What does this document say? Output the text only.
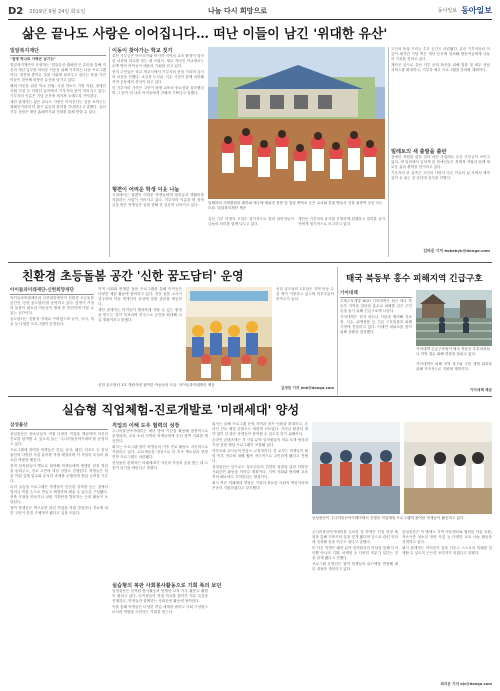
D2 2019년 9월 24일 화요일	나눔 다시 희망으로	동아일보 동아일보
삶은 끝나도 사랑은 이어집니다… 떠난 이들이 남긴 '위대한 유산'
밀알복지재단

"설명 하나로 사랑은 남기는"

밀알복지재단이 운영하는 '밀알유산 캠페인'은 유언을 통해 자신의 재산 일부를 어려운 이웃을 위해 기부하는 나눔 프로그램이다. 생전에 쌓아온 것을 사회에 돌려주고 싶다는 뜻을 가진 이들이 참여해 따뜻한 유산을 남기고 있다.

해외 아동을 위한 학교 건립, 국내 저소득 가정 지원, 장애인 자립 사업 등 다양한 분야에서 기부자의 뜻이 이어지고 있다. 기부자의 이름은 기념 공간에 새겨져 오래도록 기억된다.

재단 관계자는 삶은 끝나도 사랑은 이어진다는 것을 보여주는 캠페인이라며 더 많은 분들의 참여를 기대한다고 말했다. 유산 기부 상담은 재단 홈페이지와 전화를 통해 받을 수 있다.

이동이 찾아가는 학교 짓기

유산 기부금은 아프리카와 아시아 지역의 교육 환경이 열악한 마을에 학교를 짓는 데 쓰였다. 새로 지어진 학교에서는 수백 명의 아이들이 배움의 기회를 얻고 있다.

현지 주민들은 학교 개교식에서 기부자의 뜻을 기리며 감사의 마음을 전했다. 교실과 도서관, 식수 시설이 함께 마련돼 지역 공동체의 중심이 되고 있다.

한 기부자의 가족은 고인이 평생 교육의 중요성을 강조했다며 그 뜻이 먼 나라 아이들에게 전해져 기쁘다고 말했다.

형편이 어려운 학생 이웃 나눔

국내에서는 형편이 어려운 학생들에게 장학금과 생활비를 지원하는 사업이 이어지고 있다. 기부자의 이름을 딴 장학금을 받은 학생들은 꿈을 향해 한 걸음씩 나아가고 있다.	밀레하의 사세환원을 헤하와 매주에 세워진 몸봉 및 밀알 축탁코 등은 교서와 본을 받들사 건을 위하여 곳곳 크는 모습. 밀알복지재단 제공

유산 기부 약정자 모임도 정기적으로 열려 참여자들이 나눔의 의미를 함께 나누고 있다.

재단은 기부자의 유지를 투명하게 집행하고 결과를 유가족에게 정기적으로 보고하고 있다.

고인의 뜻을 기리는 추모 공간도 마련됐다. 유산 기부자들의 이름이 새겨진 기념 벽은 재단 본부에 설치돼 방문객들에게 나눔의 가치를 전하고 있다.

재단은 앞으로 유산 기부 문화 확산을 위해 법률 및 세무 상담 서비스를 확대하고, 기부자 예우 프로그램을 강화할 계획이다.

밀레토의 새 출발을 출판

장애인 자립을 위한 일터 마련 사업에도 유산 기부금이 쓰이고 있다. 새 일터에서 일하게 된 장애인들은 경제적 자립과 함께 새로운 삶의 출발을 맞이하고 있다.

기부자의 한 유족은 고인의 사랑이 다른 이들의 삶 속에서 계속 살아 숨 쉬는 것 같다며 감사를 전했다.

김바윤 기자 bokebyh@donga.com
친환경 초등돌봄 공간 '신한 꿈도담터' 운영
아이들과미래재단-신한희망재단

아이들과미래재단과 신한희망재단이 친환경 초등돌봄 공간인 '신한 꿈도담터'를 운영하고 있다. 맞벌이 가정과 돌봄이 필요한 아동들이 방과 후 안전하게 머물 수 있는 공간이다.

꿈도담터는 친환경 자재로 꾸며졌으며 놀이, 독서, 학습 등 다양한 프로그램이 운영된다.

지역 사회와 연계한 돌봄 프로그램을 통해 아이들은 다양한 체험 활동에 참여하고 있다. 전문 돌봄 교사가 상주하며 아동 개개인의 특성에 맞춘 관리를 제공한다.

재단 관계자는 아이들이 행복하게 자랄 수 있는 환경을 만드는 것이 목표라며 전국으로 공간을 확대해 나갈 계획이라고 밝혔다.

신한 꿈도담터 1호 개원식에 참여한 아동들의 모습. 아이들과미래재단 제공

신한 꿈도담터 1호점은 지역 아동 수십 명이 이용하고 있으며 학부모들의 만족도가 높다.

김정민 기자 jmk@donga.com
태국 북동부 홍수 피해지역 긴급구호
기아대책

국제구호개발 NGO 기아대책은 최근 태국 북동부 지역을 강타한 홍수로 피해를 입은 주민들을 돕기 위해 긴급구호에 나섰다.

기아대책은 현지 파트너 기관과 협력해 식료품, 식수, 위생용품 등 긴급 구호물품을 피해 가정에 전달하고 있다. 이재민 대피소를 찾아 피해 상황을 점검했다.

기아대책 긴급구호팀이 태국 북동부 우본라차타니 지역 침수 피해 현장을 살피고 있다.

기아대책은 피해 지역 복구와 주민 생계 회복을 위해 지속적으로 지원할 계획이다.

기아대책 제공
실습형 직업체험-진로개발로 '미래세대' 양성
삼성불산

삼성물산은 청소년들이 직접 다양한 직업을 체험하며 자신의 진로를 탐색할 수 있도록 돕는 '주니어물산아카데미'를 운영하고 있다.

프로그램에 참여한 학생들은 건설, 상사, 패션, 리조트 등 삼성물산의 다양한 사업 분야를 직접 체험하며 각 직업의 특성과 필요한 역량을 배운다.

현직 임직원들이 멘토로 참여해 학생들에게 생생한 현장 경험을 들려주고, 진로 고민에 대한 상담도 진행한다. 학생들은 팀을 이뤄 실제 업무와 유사한 과제를 수행하며 협업 능력을 기른다.

특히 실습형 프로그램은 학생들이 단순한 강의를 듣는 것에서 벗어나 직접 손으로 만들고 체험하며 배울 수 있도록 구성됐다. 건축 모형을 만들거나 상품 기획안을 발표하는 등의 활동이 포함된다.

참여 학생들은 책으로만 알던 직업을 직접 경험하니 진로에 대한 고민이 한결 구체적이 됐다고 입을 모았다.

직업의 이해 도우 협력의 성장

주니어물산아카데미는 매년 방학 기간을 활용해 집중적으로 운영되며, 교육 소외 지역의 학생들에게 우선 참여 기회를 제공한다.

회사는 프로그램 참가 학생들의 이후 진로 활동도 지속적으로 지원하고 있다. 수료생들을 대상으로 한 후속 멘토링과 현장 견학 프로그램도 마련됐다.

삼성물산 관계자는 미래세대가 자신의 적성과 꿈을 찾는 데 도움이 되기를 바란다고 말했다.

실습형의 복판 사회봉사활동으로 기회 폭의 보던

삼성물산은 임직원 봉사활동과 연계한 교육 기부 활동도 활발히 펼치고 있다. 임직원들이 직접 학교를 찾아가 직무 특강을 진행하고, 학생들과 함께하는 사회공헌 활동에 참여한다.

이를 통해 학생들은 다양한 직업 세계를 접하고 사회 구성원으로서의 역할을 고민하는 기회를 얻는다.

회사는 올해 프로그램 운영 지역과 참가 인원을 확대하고, 온라인 진로 체험 콘텐츠도 새롭게 선보였다. 거리나 환경의 제약 없이 더 많은 학생들이 참여할 수 있도록 하기 위해서다.

온라인 콘텐츠에는 각 사업 분야 임직원들의 직무 소개 영상과 가상 현장 체험 프로그램이 포함돼 있다.

학부모와 교사들의 반응도 긍정적이다. 한 교사는 학생들이 체험 이후 진로에 대해 훨씬 적극적으로 고민하게 됐다고 전했다.

삼성물산은 앞으로도 청소년들의 건강한 성장을 위한 다양한 사회공헌 활동을 이어갈 계획이다. 지역 사회와 협력해 교육 격차 해소에도 기여한다는 방침이다.

회사 측은 미래세대 양성은 기업의 중요한 사회적 책임이라며 꾸준히 지원하겠다고 강조했다.

삼성물산이 주니어물산아카데미에서 진행한 직업체험 프로그램에 참여한 학생들이 활동하고 있다.

주니어물산아카데미를 수료한 한 학생은 건설 현장 체험을 통해 건축가의 꿈을 갖게 됐다며 앞으로 관련 학과에 진학해 꿈을 이루고 싶다고 말했다.

또 다른 학생은 패션 분야 임직원과의 만남을 통해 디자인뿐 아니라 기획, 마케팅 등 다양한 직무가 있다는 것을 알게 됐다고 전했다.

프로그램 운영진은 참여 학생들의 피드백을 반영해 매년 내용을 개선하고 있다.

삼성물산은 이 밖에도 지역 아동센터와 협력한 학습 지원, 저소득층 청소년 장학 사업 등 다양한 교육 나눔 활동을 전개하고 있다.

회사 관계자는 아이들이 꿈을 키우고 스스로의 미래를 설계할 수 있도록 든든한 조력자가 되겠다고 말했다.

최지은 기자 ejc@donga.com
